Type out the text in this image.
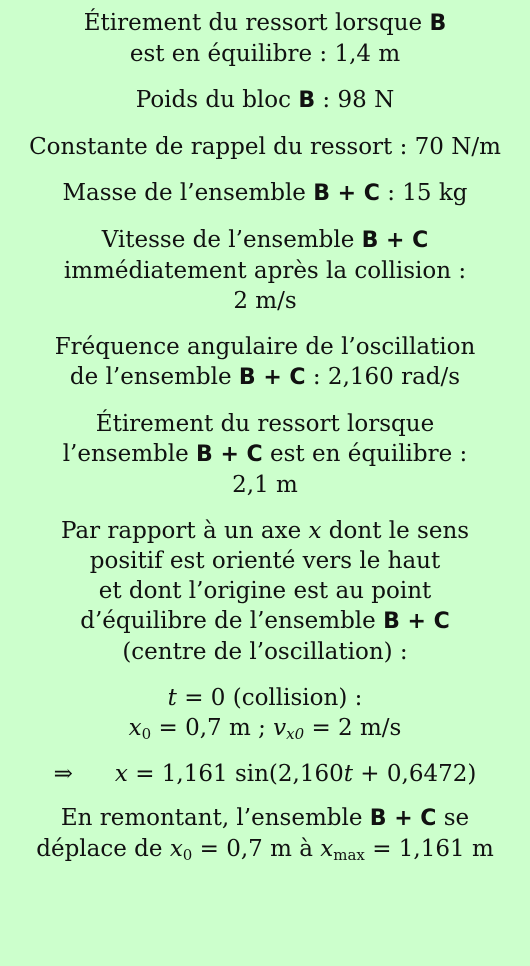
Étirement du ressort lorsque B
est en équilibre : 1,4 m
Poids du bloc B : 98 N
Constante de rappel du ressort : 70 N/m
Masse de l’ensemble B + C : 15 kg
Vitesse de l’ensemble B + C
immédiatement après la collision :
2 m/s
Fréquence angulaire de l’oscillation
de l’ensemble B + C : 2,160 rad/s
Étirement du ressort lorsque
l’ensemble B + C est en équilibre :
2,1 m
Par rapport à un axe x dont le sens
positif est orienté vers le haut
et dont l’origine est au point
d’équilibre de l’ensemble B + C
(centre de l’oscillation) :
t = 0 (collision) :
$x_0 = 0,7$ m ; $v_{x0} = 2$ m/s
⇒ x = 1,161 sin(2,160t + 0,6472)
En remontant, l’ensemble B + C se
déplace de $x_0 = 0,7$ m à $x_{max} = 1,161$ m
